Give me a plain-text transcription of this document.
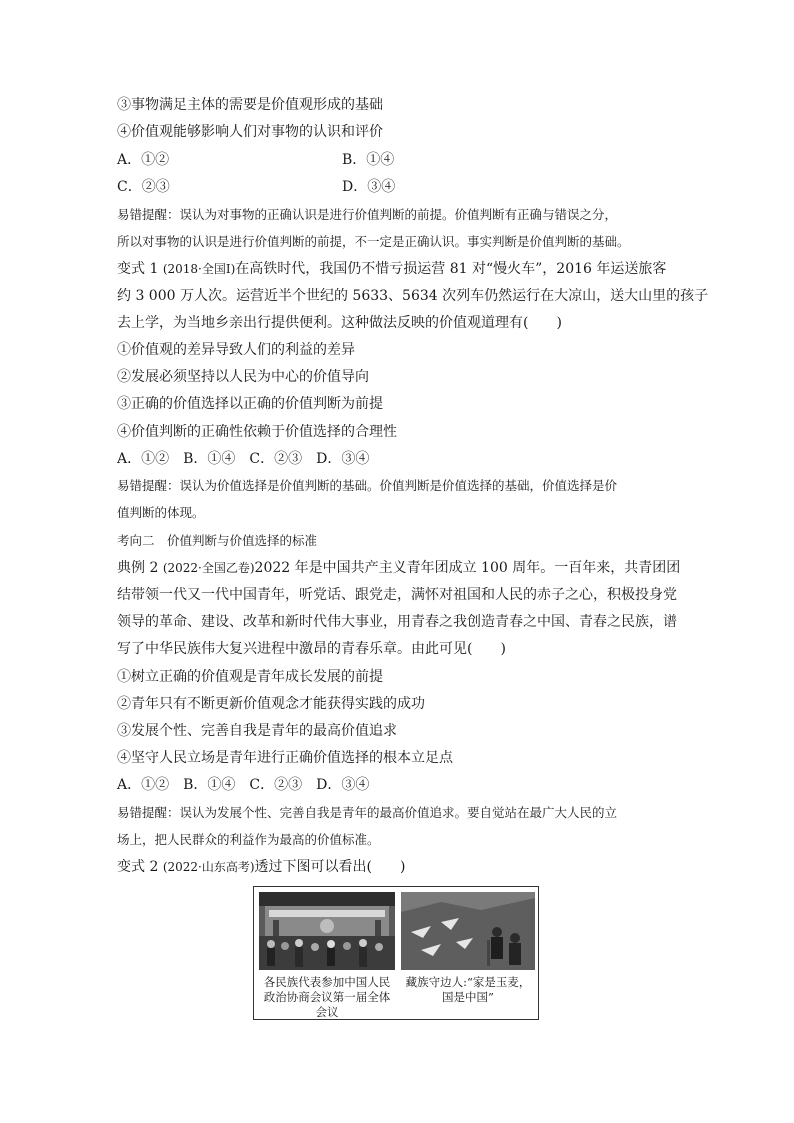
③事物满足主体的需要是价值观形成的基础
④价值观能够影响人们对事物的认识和评价
A．①②	B．①④
C．②③	D．③④
易错提醒：误认为对事物的正确认识是进行价值判断的前提。价值判断有正确与错误之分，
所以对事物的认识是进行价值判断的前提，不一定是正确认识。事实判断是价值判断的基础。
变式 1 (2018·全国Ⅰ)在高铁时代，我国仍不惜亏损运营 81 对“慢火车”，2016 年运送旅客
约 3 000 万人次。运营近半个世纪的 5633、5634 次列车仍然运行在大凉山，送大山里的孩子
去上学，为当地乡亲出行提供便利。这种做法反映的价值观道理有(　　)
①价值观的差异导致人们的利益的差异
②发展必须坚持以人民为中心的价值导向
③正确的价值选择以正确的价值判断为前提
④价值判断的正确性依赖于价值选择的合理性
A．①②　B．①④　C．②③　D．③④
易错提醒：误认为价值选择是价值判断的基础。价值判断是价值选择的基础，价值选择是价
值判断的体现。
考向二　价值判断与价值选择的标准
典例 2 (2022·全国乙卷)2022 年是中国共产主义青年团成立 100 周年。一百年来，共青团团
结带领一代又一代中国青年，听党话、跟党走，满怀对祖国和人民的赤子之心，积极投身党
领导的革命、建设、改革和新时代伟大事业，用青春之我创造青春之中国、青春之民族，谱
写了中华民族伟大复兴进程中激昂的青春乐章。由此可见(　　)
①树立正确的价值观是青年成长发展的前提
②青年只有不断更新价值观念才能获得实践的成功
③发展个性、完善自我是青年的最高价值追求
④坚守人民立场是青年进行正确价值选择的根本立足点
A．①②　B．①④　C．②③　D．③④
易错提醒：误认为发展个性、完善自我是青年的最高价值追求。要自觉站在最广大人民的立
场上，把人民群众的利益作为最高的价值标准。
变式 2 (2022·山东高考)透过下图可以看出(　　)
各民族代表参加中国人民政治协商会议第一届全体会议
藏族守边人:“家是玉麦，国是中国”
